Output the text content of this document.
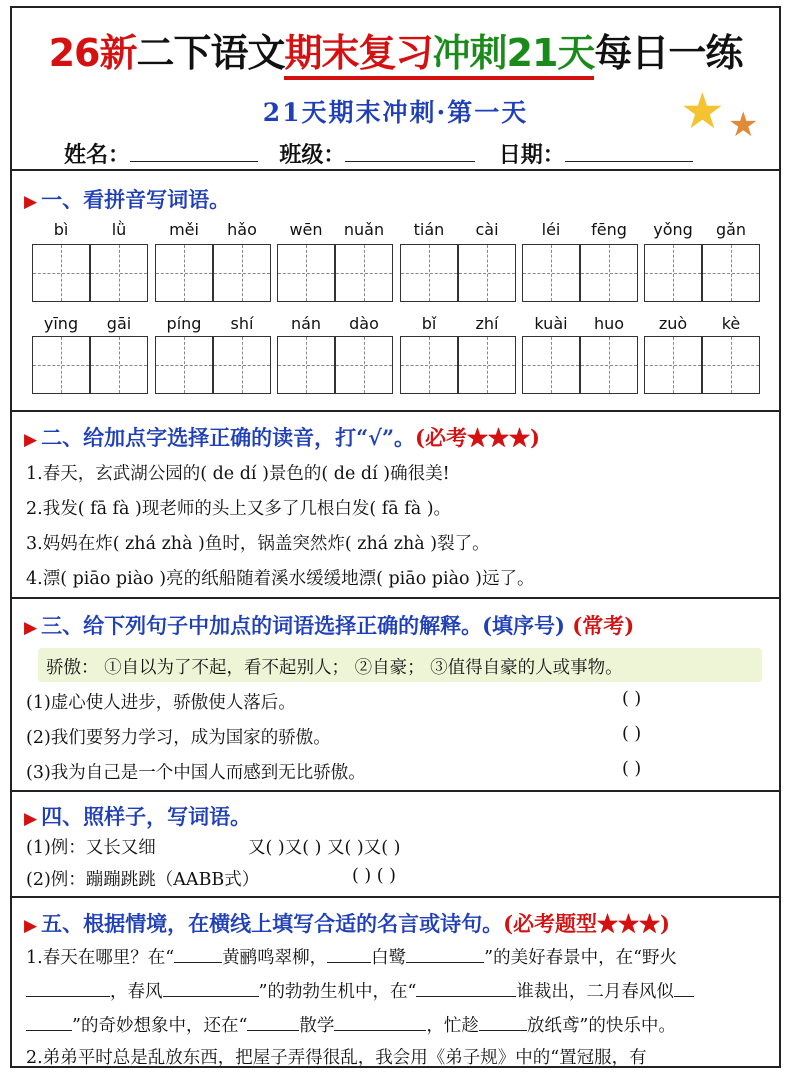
26新二下语文期末复习冲刺21天每日一练
21天期末冲刺·第一天	★ ★
姓名：	班级：	日期：
▶ 一、看拼音写词语。
bì	lǜ	měi	hǎo	wēn	nuǎn	tián	cài	léi	fēng	yǒng	gǎn
yīng	gāi	píng	shí	nán	dào	bǐ	zhí	kuài	huo	zuò	kè
▶ 二、给加点字选择正确的读音，打“√”。(必考★★★)
1.春天，玄武湖公园的( de dí )景色的( de dí )确很美!
2.我发( fā fà )现老师的头上又多了几根白发( fā fà )。
3.妈妈在炸( zhá zhà )鱼时，锅盖突然炸( zhá zhà )裂了。
4.漂( piāo piào )亮的纸船随着溪水缓缓地漂( piāo piào )远了。
▶ 三、给下列句子中加点的词语选择正确的解释。(填序号) (常考)
骄傲： ①自以为了不起，看不起别人； ②自豪； ③值得自豪的人或事物。
(1)虚心使人进步，骄傲使人落后。
(2)我们要努力学习，成为国家的骄傲。
(3)我为自己是一个中国人而感到无比骄傲。
( )
( )
( )
▶ 四、照样子，写词语。
(1)例：又长又细	又( )又( ) 又( )又( )
(2)例：蹦蹦跳跳（AABB式）	( ) ( )
▶ 五、根据情境，在横线上填写合适的名言或诗句。(必考题型★★★)
1.春天在哪里？在“	黄鹂鸣翠柳，	白鹭	”的美好春景中，在“野火
，春风	”的勃勃生机中，在“	谁裁出，二月春风似
”的奇妙想象中，还在“	散学	，忙趁	放纸鸢”的快乐中。
2.弟弟平时总是乱放东西，把屋子弄得很乱，我会用《弟子规》中的“置冠服，有
